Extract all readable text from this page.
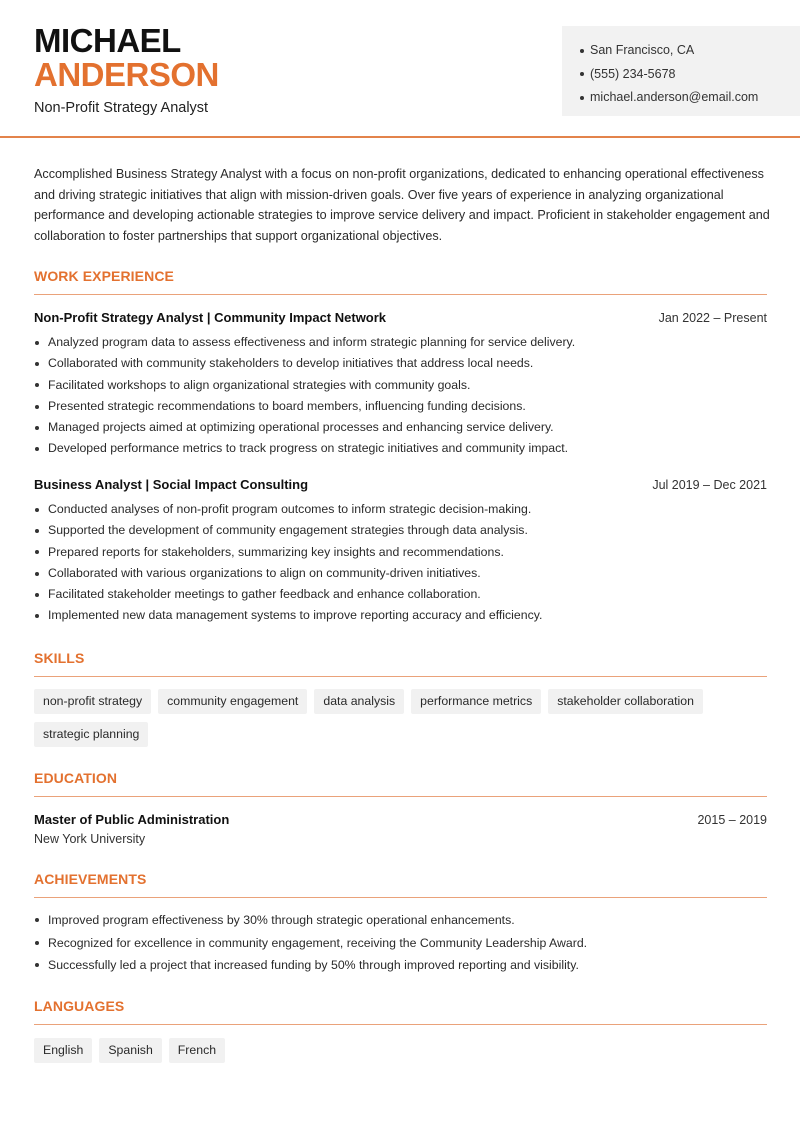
MICHAEL
ANDERSON
Non-Profit Strategy Analyst
San Francisco, CA
(555) 234-5678
michael.anderson@email.com

Accomplished Business Strategy Analyst with a focus on non-profit organizations, dedicated to enhancing operational effectiveness and driving strategic initiatives that align with mission-driven goals. Over five years of experience in analyzing organizational performance and developing actionable strategies to improve service delivery and impact. Proficient in stakeholder engagement and collaboration to foster partnerships that support organizational objectives.

WORK EXPERIENCE
Non-Profit Strategy Analyst | Community Impact Network	Jan 2022 – Present
Analyzed program data to assess effectiveness and inform strategic planning for service delivery.
Collaborated with community stakeholders to develop initiatives that address local needs.
Facilitated workshops to align organizational strategies with community goals.
Presented strategic recommendations to board members, influencing funding decisions.
Managed projects aimed at optimizing operational processes and enhancing service delivery.
Developed performance metrics to track progress on strategic initiatives and community impact.
Business Analyst | Social Impact Consulting	Jul 2019 – Dec 2021
Conducted analyses of non-profit program outcomes to inform strategic decision-making.
Supported the development of community engagement strategies through data analysis.
Prepared reports for stakeholders, summarizing key insights and recommendations.
Collaborated with various organizations to align on community-driven initiatives.
Facilitated stakeholder meetings to gather feedback and enhance collaboration.
Implemented new data management systems to improve reporting accuracy and efficiency.
SKILLS
non-profit strategy	community engagement	data analysis	performance metrics	stakeholder collaboration
strategic planning
EDUCATION
Master of Public Administration	2015 – 2019
New York University
ACHIEVEMENTS
Improved program effectiveness by 30% through strategic operational enhancements.
Recognized for excellence in community engagement, receiving the Community Leadership Award.
Successfully led a project that increased funding by 50% through improved reporting and visibility.
LANGUAGES
English	Spanish	French
